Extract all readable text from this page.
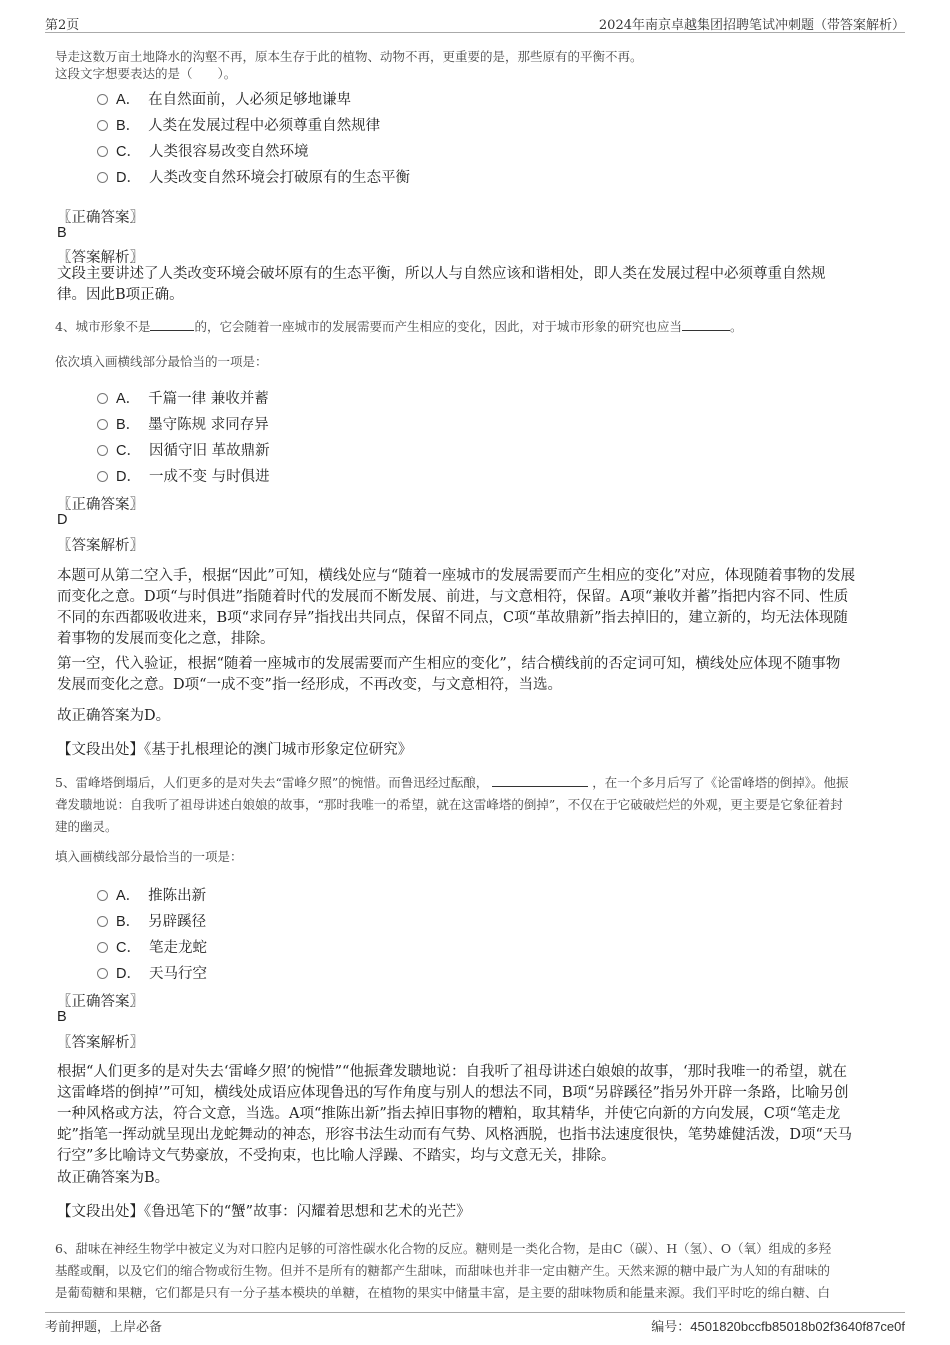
第2页	2024年南京卓越集团招聘笔试冲刺题（带答案解析）
导走这数万亩土地降水的沟壑不再，原本生存于此的植物、动物不再，更重要的是，那些原有的平衡不再。
这段文字想要表达的是（　　）。
A． 在自然面前，人必须足够地谦卑
B． 人类在发展过程中必须尊重自然规律
C． 人类很容易改变自然环境
D． 人类改变自然环境会打破原有的生态平衡
〖正确答案〗
B
〖答案解析〗
文段主要讲述了人类改变环境会破坏原有的生态平衡，所以人与自然应该和谐相处，即人类在发展过程中必须尊重自然规
律。因此B项正确。
4、城市形象不是	的，它会随着一座城市的发展需要而产生相应的变化，因此，对于城市形象的研究也应当	。
依次填入画横线部分最恰当的一项是：
A． 千篇一律 兼收并蓄
B． 墨守陈规 求同存异
C． 因循守旧 革故鼎新
D． 一成不变 与时俱进
〖正确答案〗
D
〖答案解析〗
本题可从第二空入手，根据“因此”可知，横线处应与“随着一座城市的发展需要而产生相应的变化”对应，体现随着事物的发展
而变化之意。D项“与时俱进”指随着时代的发展而不断发展、前进，与文意相符，保留。A项“兼收并蓄”指把内容不同、性质
不同的东西都吸收进来，B项“求同存异”指找出共同点，保留不同点，C项“革故鼎新”指去掉旧的，建立新的，均无法体现随
着事物的发展而变化之意，排除。
第一空，代入验证，根据“随着一座城市的发展需要而产生相应的变化”，结合横线前的否定词可知，横线处应体现不随事物
发展而变化之意。D项“一成不变”指一经形成，不再改变，与文意相符，当选。
故正确答案为D。
【文段出处】《基于扎根理论的澳门城市形象定位研究》
5、雷峰塔倒塌后，人们更多的是对失去“雷峰夕照”的惋惜。而鲁迅经过酝酿，	，在一个多月后写了《论雷峰塔的倒掉》。他振
聋发聩地说：自我听了祖母讲述白娘娘的故事，“那时我唯一的希望，就在这雷峰塔的倒掉”，不仅在于它破破烂烂的外观，更主要是它象征着封
建的幽灵。
填入画横线部分最恰当的一项是：
A． 推陈出新
B． 另辟蹊径
C． 笔走龙蛇
D． 天马行空
〖正确答案〗
B
〖答案解析〗
根据“人们更多的是对失去‘雷峰夕照’的惋惜”“他振聋发聩地说：自我听了祖母讲述白娘娘的故事，‘那时我唯一的希望，就在
这雷峰塔的倒掉’”可知，横线处成语应体现鲁迅的写作角度与别人的想法不同，B项“另辟蹊径”指另外开辟一条路，比喻另创
一种风格或方法，符合文意，当选。A项“推陈出新”指去掉旧事物的糟粕，取其精华，并使它向新的方向发展，C项“笔走龙
蛇”指笔一挥动就呈现出龙蛇舞动的神态，形容书法生动而有气势、风格洒脱，也指书法速度很快，笔势雄健活泼，D项“天马
行空”多比喻诗文气势豪放，不受拘束，也比喻人浮躁、不踏实，均与文意无关，排除。
故正确答案为B。
【文段出处】《鲁迅笔下的“蟹”故事：闪耀着思想和艺术的光芒》
6、甜味在神经生物学中被定义为对口腔内足够的可溶性碳水化合物的反应。糖则是一类化合物，是由C（碳）、H（氢）、O（氧）组成的多羟
基醛或酮，以及它们的缩合物或衍生物。但并不是所有的糖都产生甜味，而甜味也并非一定由糖产生。天然来源的糖中最广为人知的有甜味的
是葡萄糖和果糖，它们都是只有一分子基本模块的单糖，在植物的果实中储量丰富，是主要的甜味物质和能量来源。我们平时吃的绵白糖、白
考前押题，上岸必备	编号：4501820bccfb85018b02f3640f87ce0f
